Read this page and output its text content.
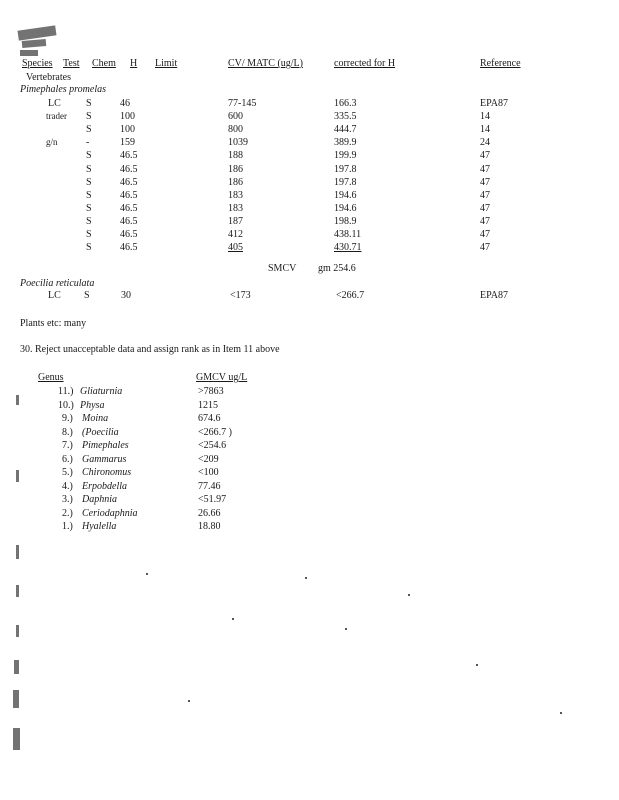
Species Test Chem H Limit	CV/ MATC (ug/L)	corrected for H	Reference
Vertebrates
Pimephales promelas
LC	S	46	77-145	166.3	EPA87
trader S	100	600	335.5	14
S	100	800	444.7	14
g/n	-	159	1039	389.9	24
S	46.5	188	199.9	47
S	46.5	186	197.8	47
S	46.5	186	197.8	47
S	46.5	183	194.6	47
S	46.5	183	194.6	47
S	46.5	187	198.9	47
S	46.5	412	438.11	47
S	46.5	405	430.71	47
SMCV gm 254.6
Poecilia reticulata
LC S	30	<173	<266.7	EPA87
Plants etc: many
30. Reject unacceptable data and assign rank as in Item 11 above
Genus	GMCV ug/L
11.) Gliaturnia	>7863
10.) Physa	1215
9.) Moina	674.6
8.) (Poecilia	<266.7 )
7.) Pimephales	<254.6
6.) Gammarus	<209
5.) Chironomus	<100
4.) Erpobdella	77.46
3.) Daphnia	<51.97
2.) Ceriodaphnia	26.66
1.) Hyalella	18.80
